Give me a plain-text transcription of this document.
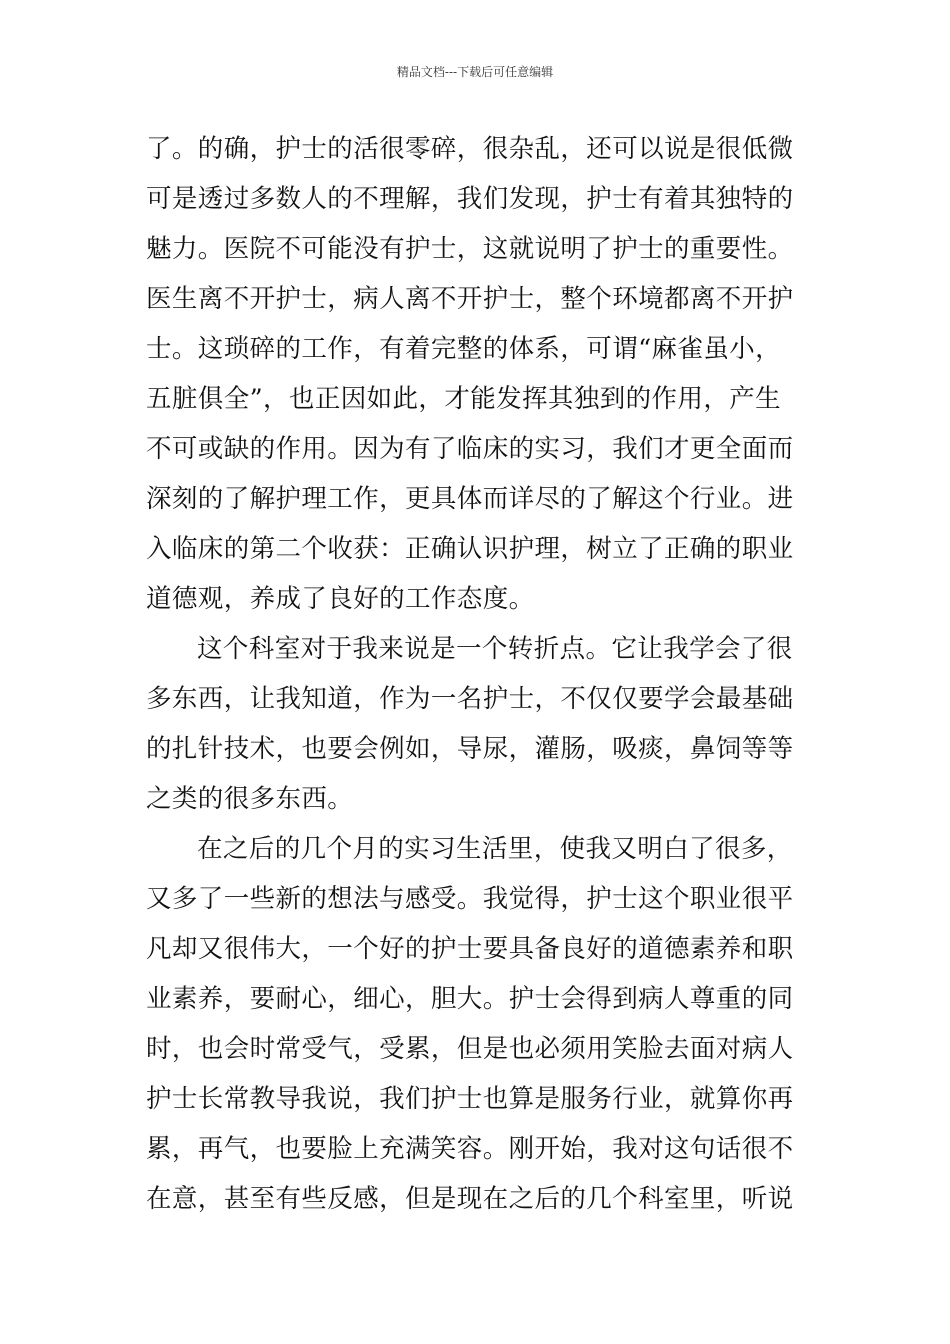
精品文档---下载后可任意编辑
了。的确，护士的活很零碎，很杂乱，还可以说是很低微
可是透过多数人的不理解，我们发现，护士有着其独特的
魅力。医院不可能没有护士，这就说明了护士的重要性。
医生离不开护士，病人离不开护士，整个环境都离不开护
士。这琐碎的工作，有着完整的体系，可谓“麻雀虽小，
五脏俱全”，也正因如此，才能发挥其独到的作用，产生
不可或缺的作用。因为有了临床的实习，我们才更全面而
深刻的了解护理工作，更具体而详尽的了解这个行业。进
入临床的第二个收获：正确认识护理，树立了正确的职业
道德观，养成了良好的工作态度。
这个科室对于我来说是一个转折点。它让我学会了很
多东西，让我知道，作为一名护士，不仅仅要学会最基础
的扎针技术，也要会例如，导尿，灌肠，吸痰，鼻饲等等
之类的很多东西。
在之后的几个月的实习生活里，使我又明白了很多，
又多了一些新的想法与感受。我觉得，护士这个职业很平
凡却又很伟大，一个好的护士要具备良好的道德素养和职
业素养，要耐心，细心，胆大。护士会得到病人尊重的同
时，也会时常受气，受累，但是也必须用笑脸去面对病人
护士长常教导我说，我们护士也算是服务行业，就算你再
累，再气，也要脸上充满笑容。刚开始，我对这句话很不
在意，甚至有些反感，但是现在之后的几个科室里，听说
